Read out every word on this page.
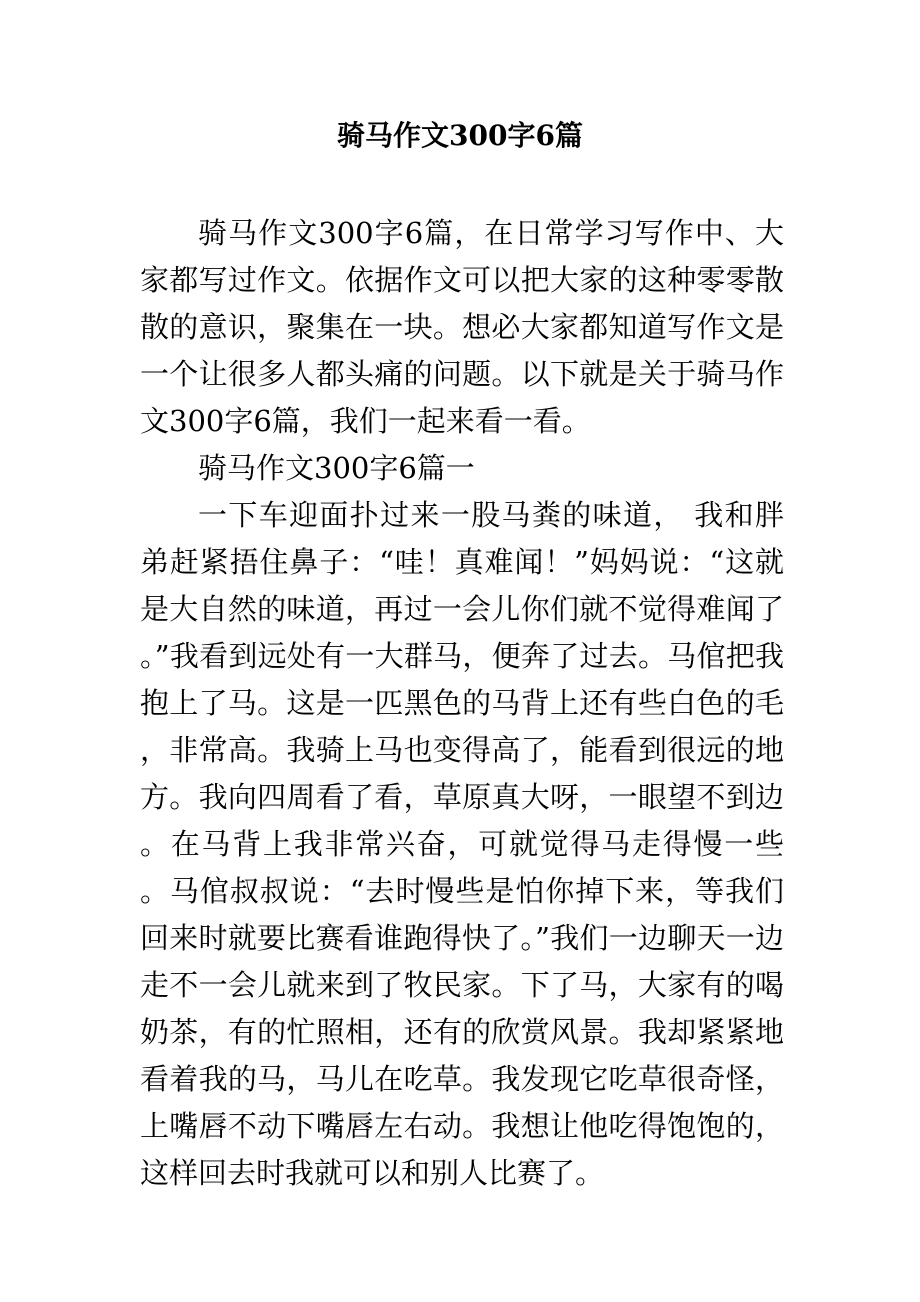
骑马作文300字6篇

骑马作文300字6篇，在日常学习写作中、大家都写过作文。依据作文可以把大家的这种零零散散的意识，聚集在一块。想必大家都知道写作文是一个让很多人都头痛的问题。以下就是关于骑马作文300字6篇，我们一起来看一看。

骑马作文300字6篇一

一下车迎面扑过来一股马粪的味道， 我和胖弟赶紧捂住鼻子：“哇！真难闻！”妈妈说：“这就是大自然的味道，再过一会儿你们就不觉得难闻了。”我看到远处有一大群马，便奔了过去。马倌把我抱上了马。这是一匹黑色的马背上还有些白色的毛，非常高。我骑上马也变得高了，能看到很远的地方。我向四周看了看，草原真大呀，一眼望不到边。在马背上我非常兴奋，可就觉得马走得慢一些 。马倌叔叔说：“去时慢些是怕你掉下来，等我们回来时就要比赛看谁跑得快了。”我们一边聊天一边走不一会儿就来到了牧民家。下了马，大家有的喝奶茶，有的忙照相，还有的欣赏风景。我却紧紧地看着我的马，马儿在吃草。我发现它吃草很奇怪，上嘴唇不动下嘴唇左右动。我想让他吃得饱饱的，这样回去时我就可以和别人比赛了。
